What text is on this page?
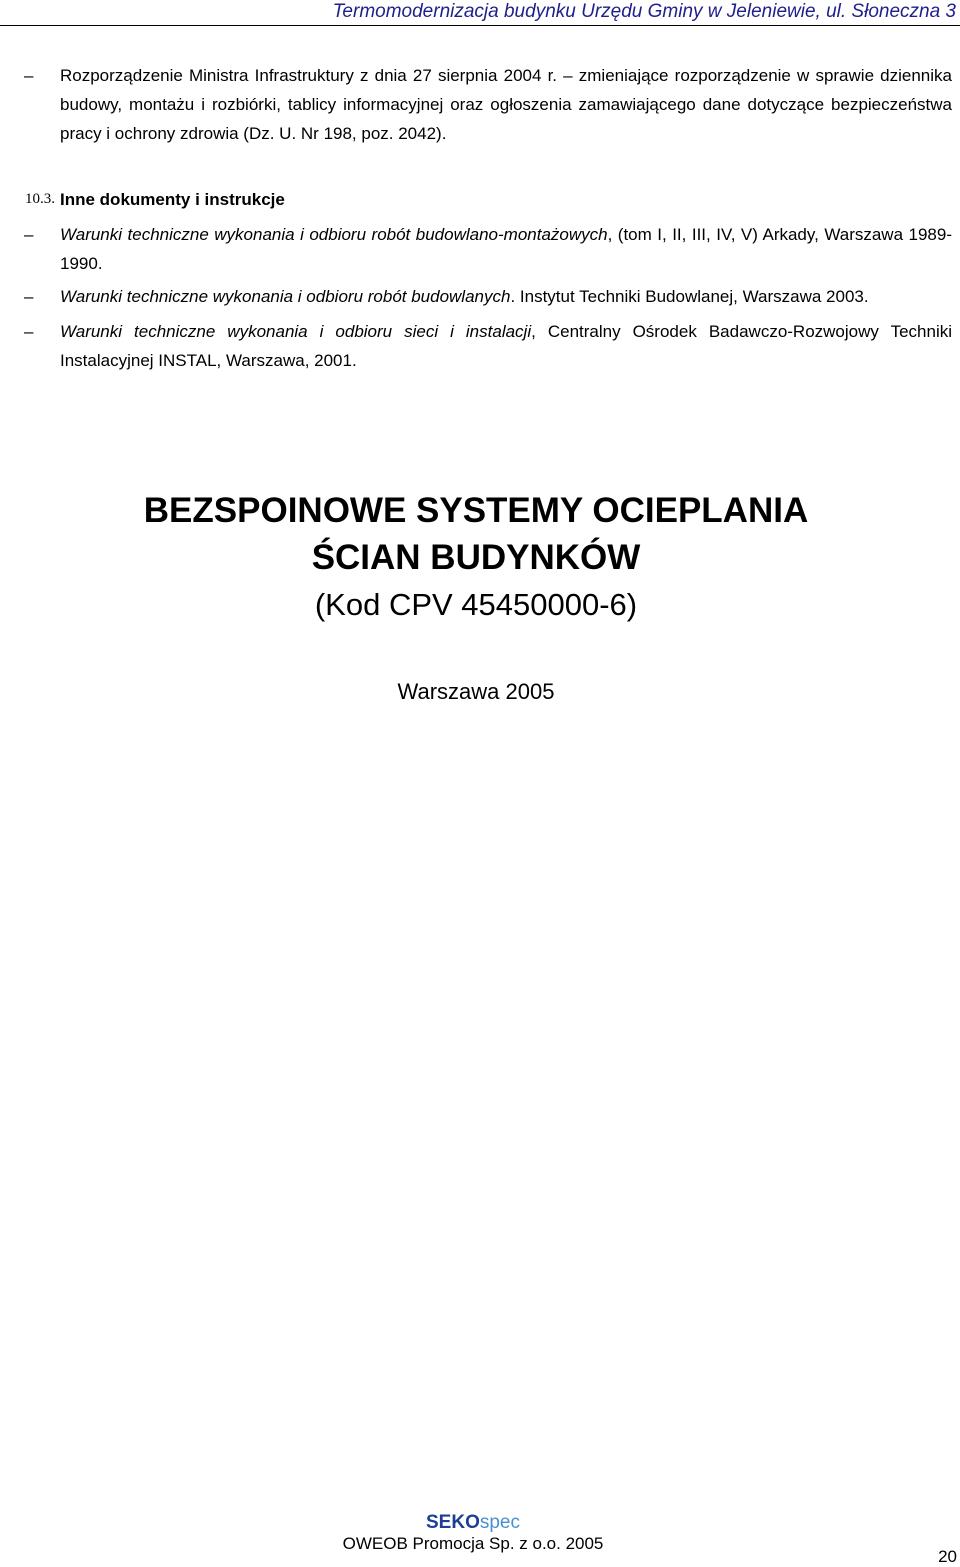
Termomodernizacja budynku Urzędu Gminy w Jeleniewie, ul. Słoneczna 3
– Rozporządzenie Ministra Infrastruktury z dnia 27 sierpnia 2004 r. – zmieniające rozporządzenie w sprawie dziennika budowy, montażu i rozbiórki, tablicy informacyjnej oraz ogłoszenia zamawiającego dane dotyczące bezpieczeństwa pracy i ochrony zdrowia (Dz. U. Nr 198, poz. 2042).
10.3. Inne dokumenty i instrukcje
– Warunki techniczne wykonania i odbioru robót budowlano-montażowych, (tom I, II, III, IV, V) Arkady, Warszawa 1989-1990.
– Warunki techniczne wykonania i odbioru robót budowlanych. Instytut Techniki Budowlanej, Warszawa 2003.
– Warunki techniczne wykonania i odbioru sieci i instalacji, Centralny Ośrodek Badawczo-Rozwojowy Techniki Instalacyjnej INSTAL, Warszawa, 2001.
BEZSPOINOWE SYSTEMY OCIEPLANIA
ŚCIAN BUDYNKÓW
(Kod CPV 45450000-6)
Warszawa 2005
SEKOspec
OWEOB Promocja Sp. z o.o. 2005
20
